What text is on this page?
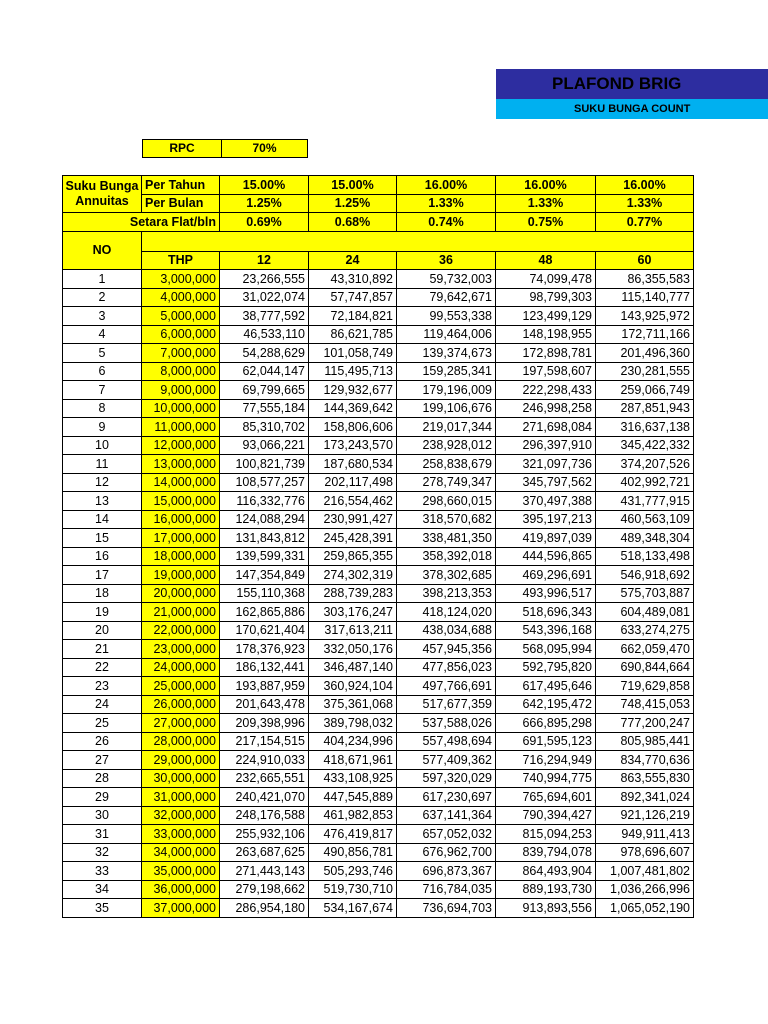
PLAFOND BRIG
SUKU BUNGA COUNT
RPC	70%
Suku Bunga
Annuitas	Per Tahun	15.00%	15.00%	16.00%	16.00%	16.00%
	Per Bulan	1.25%	1.25%	1.33%	1.33%	1.33%
Setara Flat/bln		0.69%	0.68%	0.74%	0.75%	0.77%
NO						
	THP	12	24	36	48	60
1	3,000,000	23,266,555	43,310,892	59,732,003	74,099,478	86,355,583
2	4,000,000	31,022,074	57,747,857	79,642,671	98,799,303	115,140,777
3	5,000,000	38,777,592	72,184,821	99,553,338	123,499,129	143,925,972
4	6,000,000	46,533,110	86,621,785	119,464,006	148,198,955	172,711,166
5	7,000,000	54,288,629	101,058,749	139,374,673	172,898,781	201,496,360
6	8,000,000	62,044,147	115,495,713	159,285,341	197,598,607	230,281,555
7	9,000,000	69,799,665	129,932,677	179,196,009	222,298,433	259,066,749
8	10,000,000	77,555,184	144,369,642	199,106,676	246,998,258	287,851,943
9	11,000,000	85,310,702	158,806,606	219,017,344	271,698,084	316,637,138
10	12,000,000	93,066,221	173,243,570	238,928,012	296,397,910	345,422,332
11	13,000,000	100,821,739	187,680,534	258,838,679	321,097,736	374,207,526
12	14,000,000	108,577,257	202,117,498	278,749,347	345,797,562	402,992,721
13	15,000,000	116,332,776	216,554,462	298,660,015	370,497,388	431,777,915
14	16,000,000	124,088,294	230,991,427	318,570,682	395,197,213	460,563,109
15	17,000,000	131,843,812	245,428,391	338,481,350	419,897,039	489,348,304
16	18,000,000	139,599,331	259,865,355	358,392,018	444,596,865	518,133,498
17	19,000,000	147,354,849	274,302,319	378,302,685	469,296,691	546,918,692
18	20,000,000	155,110,368	288,739,283	398,213,353	493,996,517	575,703,887
19	21,000,000	162,865,886	303,176,247	418,124,020	518,696,343	604,489,081
20	22,000,000	170,621,404	317,613,211	438,034,688	543,396,168	633,274,275
21	23,000,000	178,376,923	332,050,176	457,945,356	568,095,994	662,059,470
22	24,000,000	186,132,441	346,487,140	477,856,023	592,795,820	690,844,664
23	25,000,000	193,887,959	360,924,104	497,766,691	617,495,646	719,629,858
24	26,000,000	201,643,478	375,361,068	517,677,359	642,195,472	748,415,053
25	27,000,000	209,398,996	389,798,032	537,588,026	666,895,298	777,200,247
26	28,000,000	217,154,515	404,234,996	557,498,694	691,595,123	805,985,441
27	29,000,000	224,910,033	418,671,961	577,409,362	716,294,949	834,770,636
28	30,000,000	232,665,551	433,108,925	597,320,029	740,994,775	863,555,830
29	31,000,000	240,421,070	447,545,889	617,230,697	765,694,601	892,341,024
30	32,000,000	248,176,588	461,982,853	637,141,364	790,394,427	921,126,219
31	33,000,000	255,932,106	476,419,817	657,052,032	815,094,253	949,911,413
32	34,000,000	263,687,625	490,856,781	676,962,700	839,794,078	978,696,607
33	35,000,000	271,443,143	505,293,746	696,873,367	864,493,904	1,007,481,802
34	36,000,000	279,198,662	519,730,710	716,784,035	889,193,730	1,036,266,996
35	37,000,000	286,954,180	534,167,674	736,694,703	913,893,556	1,065,052,190
